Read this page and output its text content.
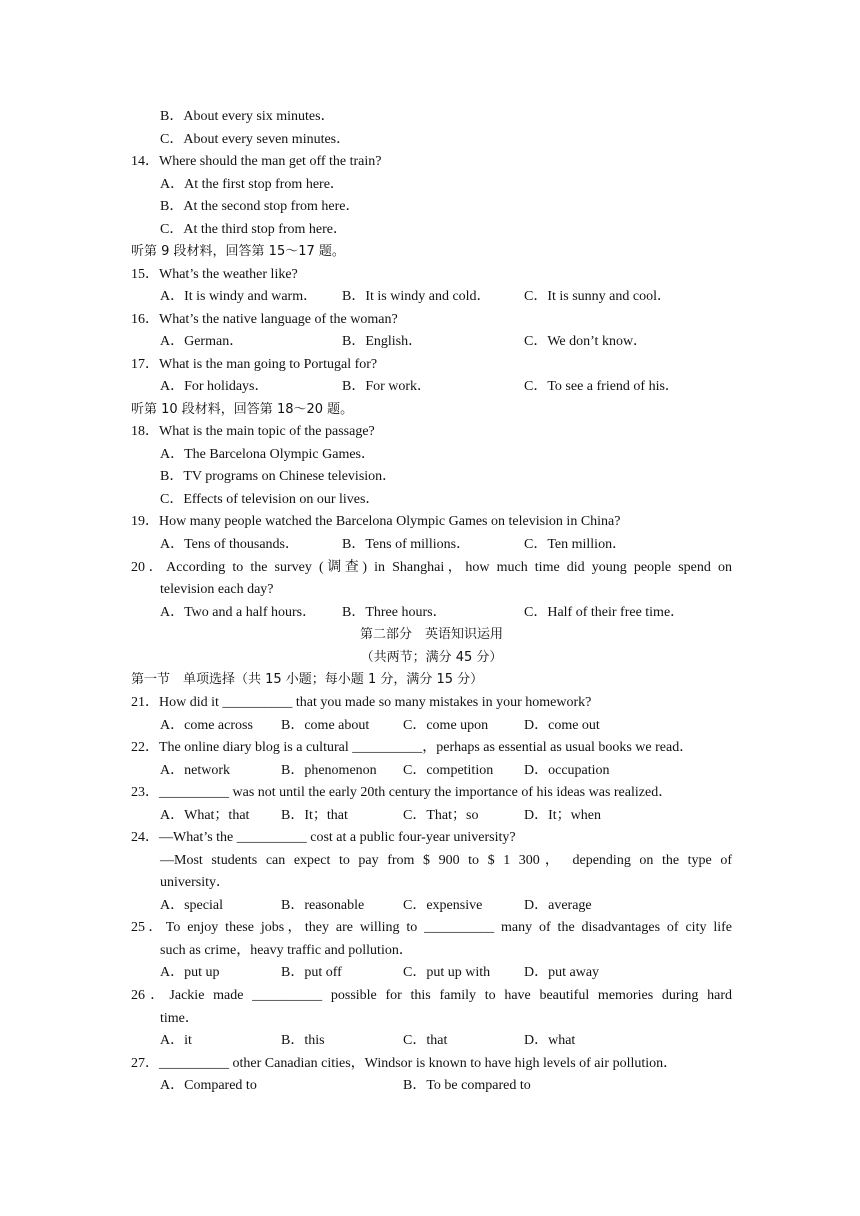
B．About every six minutes．
C．About every seven minutes．
14．Where should the man get off the train?
A．At the first stop from here．
B．At the second stop from here．
C．At the third stop from here．
听第 9 段材料，回答第 15～17 题。
15．What’s the weather like?
A．It is windy and warm． B．It is windy and cold． C．It is sunny and cool．
16．What’s the native language of the woman?
A．German．	B．English．	C．We don’t know．
17．What is the man going to Portugal for?
A．For holidays．	B．For work．	C．To see a friend of his．
听第 10 段材料，回答第 18～20 题。
18．What is the main topic of the passage?
A．The Barcelona Olympic Games．
B．TV programs on Chinese television．
C．Effects of television on our lives．
19．How many people watched the Barcelona Olympic Games on television in China?
A．Tens of thousands．	B．Tens of millions．	C．Ten million．
20．According to the survey (调查) in Shanghai，how much time did young people spend on
television each day?
A．Two and a half hours． B．Three hours．	C．Half of their free time．
第二部分　英语知识运用
（共两节；满分 45 分）
第一节　单项选择（共 15 小题；每小题 1 分，满分 15 分）
21．How did it __________ that you made so many mistakes in your homework?
A．come across B．come about C．come upon	D．come out
22．The online diary blog is a cultural __________，perhaps as essential as usual books we read．
A．network	B．phenomenon C．competition D．occupation
23．__________ was not until the early 20th century the importance of his ideas was realized．
A．What；that B．It；that	C．That；so	D．It；when
24．—What’s the __________ cost at a public four-year university?
—Most students can expect to pay from $ 900 to $ 1 300， depending on the type of
university．
A．special	B．reasonable	C．expensive	D．average
25．To enjoy these jobs，they are willing to __________ many of the disadvantages of city life
such as crime，heavy traffic and pollution．
A．put up	B．put off	C．put up with D．put away
26．Jackie made __________ possible for this family to have beautiful memories during hard
time．
A．it	B．this	C．that	D．what
27．__________ other Canadian cities，Windsor is known to have high levels of air pollution．
A．Compared to	B．To be compared to
